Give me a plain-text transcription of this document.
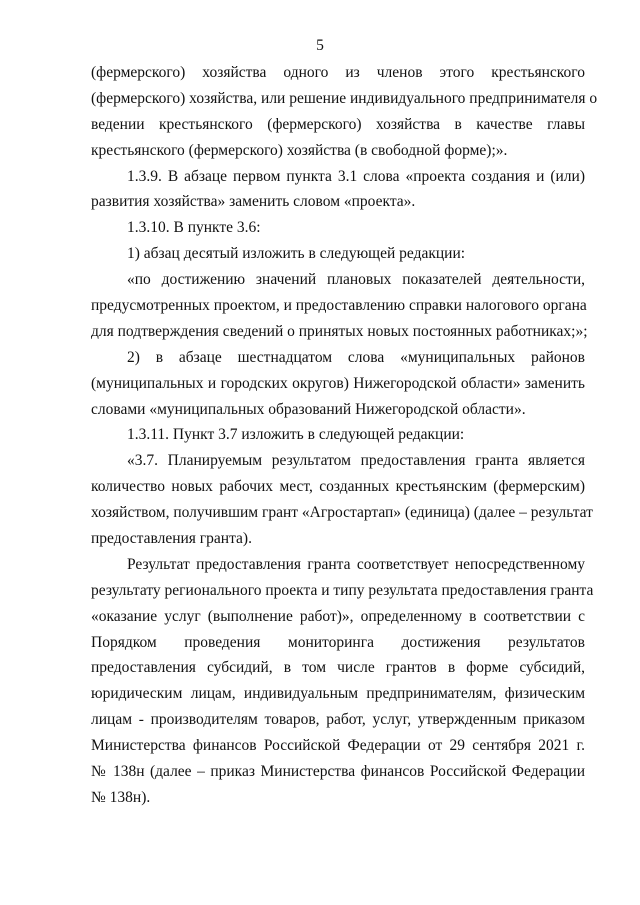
5
(фермерского) хозяйства одного из членов этого крестьянского
(фермерского) хозяйства, или решение индивидуального предпринимателя о
ведении крестьянского (фермерского) хозяйства в качестве главы
крестьянского (фермерского) хозяйства (в свободной форме);».
1.3.9. В абзаце первом пункта 3.1 слова «проекта создания и (или)
развития хозяйства» заменить словом «проекта».
1.3.10. В пункте 3.6:
1) абзац десятый изложить в следующей редакции:
«по достижению значений плановых показателей деятельности,
предусмотренных проектом, и предоставлению справки налогового органа
для подтверждения сведений о принятых новых постоянных работниках;»;
2) в абзаце шестнадцатом слова «муниципальных районов
(муниципальных и городских округов) Нижегородской области» заменить
словами «муниципальных образований Нижегородской области».
1.3.11. Пункт 3.7 изложить в следующей редакции:
«3.7. Планируемым результатом предоставления гранта является
количество новых рабочих мест, созданных крестьянским (фермерским)
хозяйством, получившим грант «Агростартап» (единица) (далее – результат
предоставления гранта).
Результат предоставления гранта соответствует непосредственному
результату регионального проекта и типу результата предоставления гранта
«оказание услуг (выполнение работ)», определенному в соответствии с
Порядком проведения мониторинга достижения результатов
предоставления субсидий, в том числе грантов в форме субсидий,
юридическим лицам, индивидуальным предпринимателям, физическим
лицам - производителям товаров, работ, услуг, утвержденным приказом
Министерства финансов Российской Федерации от 29 сентября 2021 г.
№ 138н (далее – приказ Министерства финансов Российской Федерации
№ 138н).
